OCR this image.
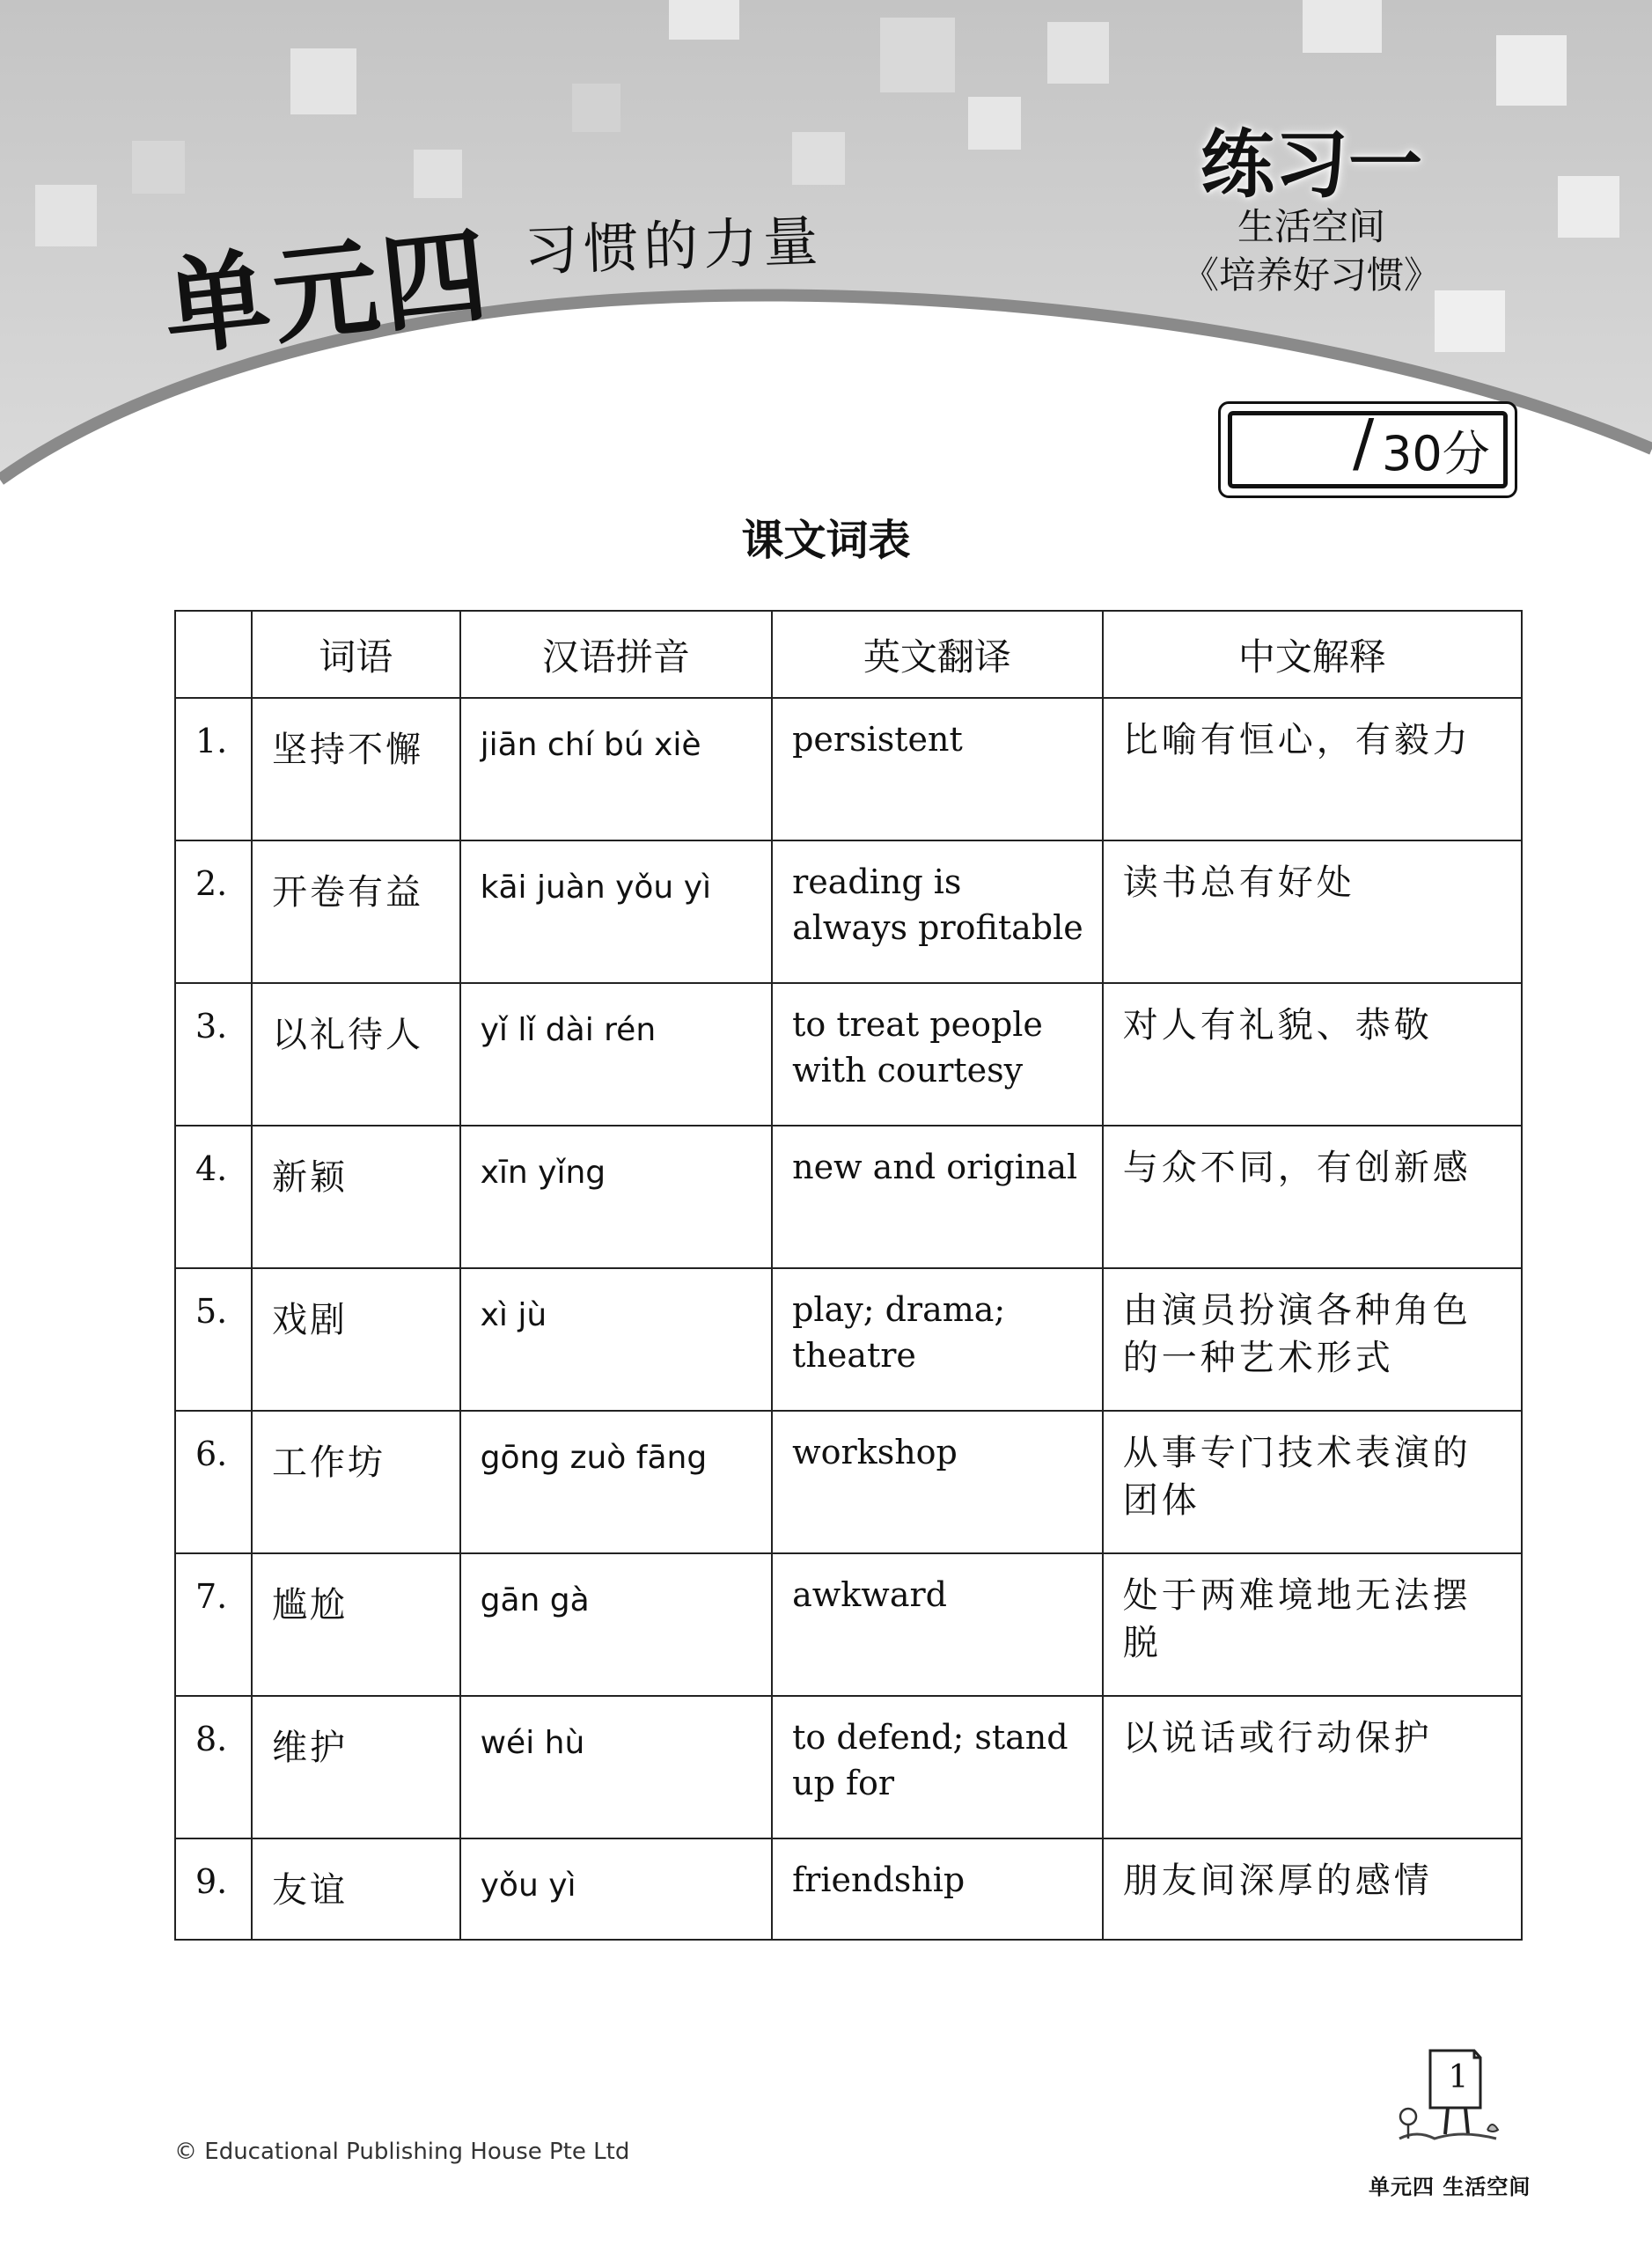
单元四 习惯的力量
练习一
生活空间
《培养好习惯》
/ 30分
课文词表
	词语	汉语拼音	英文翻译	中文解释
1.	坚持不懈	jiān chí bú xiè	persistent	比喻有恒心，有毅力
2.	开卷有益	kāi juàn yǒu yì	reading is always profitable	读书总有好处
3.	以礼待人	yǐ lǐ dài rén	to treat people with courtesy	对人有礼貌、恭敬
4.	新颖	xīn yǐng	new and original	与众不同，有创新感
5.	戏剧	xì jù	play; drama; theatre	由演员扮演各种角色的一种艺术形式
6.	工作坊	gōng zuò fāng	workshop	从事专门技术表演的团体
7.	尴尬	gān gà	awkward	处于两难境地无法摆脱
8.	维护	wéi hù	to defend; stand up for	以说话或行动保护
9.	友谊	yǒu yì	friendship	朋友间深厚的感情
© Educational Publishing House Pte Ltd
1
单元四 生活空间
